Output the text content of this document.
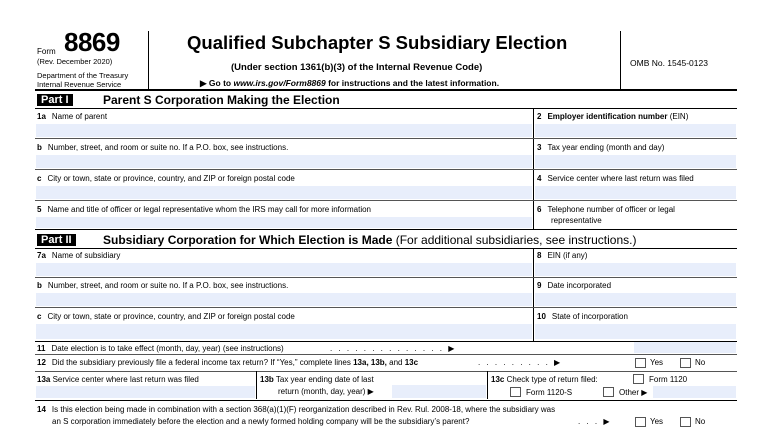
Form 8869
(Rev. December 2020)
Department of the Treasury
Internal Revenue Service
Qualified Subchapter S Subsidiary Election
(Under section 1361(b)(3) of the Internal Revenue Code)
▶ Go to www.irs.gov/Form8869 for instructions and the latest information.
OMB No. 1545-0123
Part I	Parent S Corporation Making the Election
1a Name of parent	2 Employer identification number (EIN)
b Number, street, and room or suite no. If a P.O. box, see instructions.	3 Tax year ending (month and day)
c City or town, state or province, country, and ZIP or foreign postal code	4 Service center where last return was filed
5 Name and title of officer or legal representative whom the IRS may call for more information	6 Telephone number of officer or legal
representative
Part II	Subsidiary Corporation for Which Election is Made (For additional subsidiaries, see instructions.)
7a Name of subsidiary	8 EIN (if any)
b Number, street, and room or suite no. If a P.O. box, see instructions.	9 Date incorporated
c City or town, state or province, country, and ZIP or foreign postal code	10 State of incorporation
11 Date election is to take effect (month, day, year) (see instructions)	. . . . . . . . . . . . . . ▶
12 Did the subsidiary previously file a federal income tax return? If “Yes,” complete lines 13a, 13b, and 13c	. . . . . . . . . ▶	Yes	No
13a Service center where last return was filed	13b Tax year ending date of last
return (month, day, year) ▶
13c Check type of return filed:	Form 1120
Form 1120-S	Other ▶
14 Is this election being made in combination with a section 368(a)(1)(F) reorganization described in Rev. Rul. 2008-18, where the subsidiary was
an S corporation immediately before the election and a newly formed holding company will be the subsidiary’s parent?	. . . ▶	Yes	No
